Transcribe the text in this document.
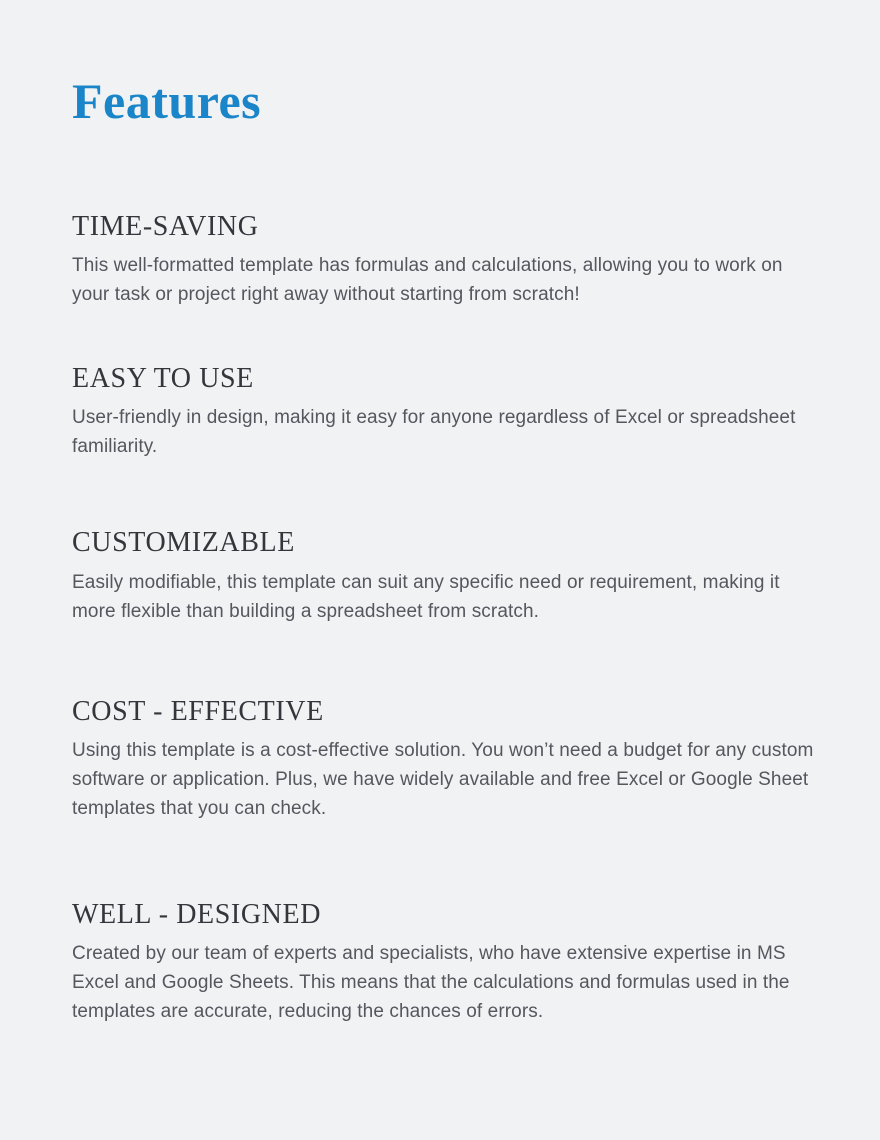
Features
TIME-SAVING

This well-formatted template has formulas and calculations, allowing you to work on your task or project right away without starting from scratch!

EASY TO USE

User-friendly in design, making it easy for anyone regardless of Excel or spreadsheet familiarity.

CUSTOMIZABLE

Easily modifiable, this template can suit any specific need or requirement, making it more flexible than building a spreadsheet from scratch.

COST - EFFECTIVE

Using this template is a cost-effective solution. You won’t need a budget for any custom software or application. Plus, we have widely available and free Excel or Google Sheet templates that you can check.

WELL - DESIGNED

Created by our team of experts and specialists, who have extensive expertise in MS Excel and Google Sheets. This means that the calculations and formulas used in the templates are accurate, reducing the chances of errors.
